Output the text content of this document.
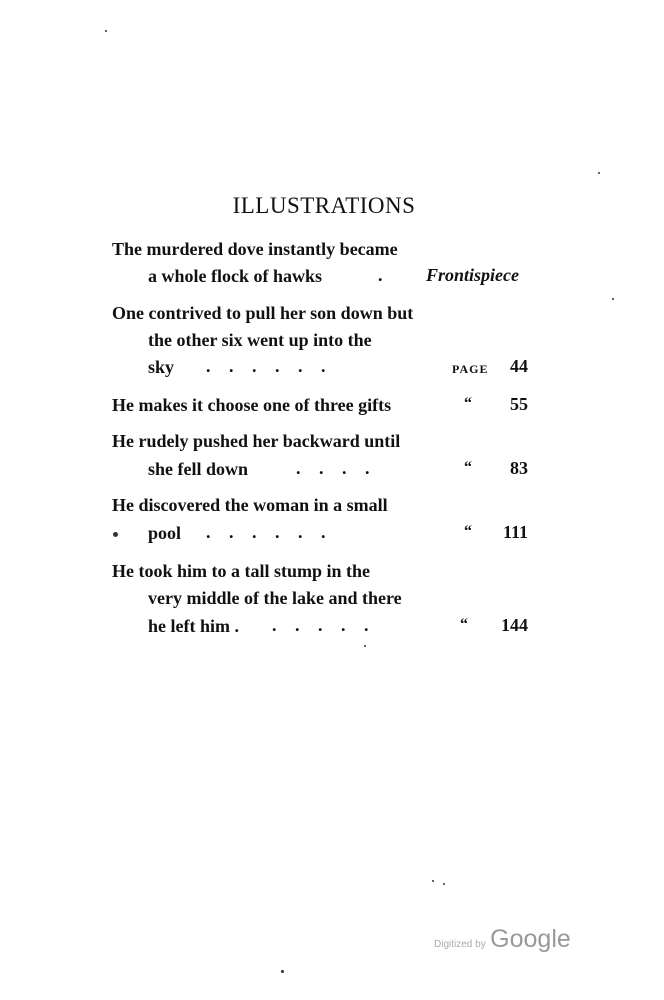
ILLUSTRATIONS
The murdered dove instantly became
a whole flock of hawks	. Frontispiece
One contrived to pull her son down but
the other six went up into the
sky . . . . . .	PAGE	44
He makes it choose one of three gifts	“	55
He rudely pushed her backward until
she fell down	. . . .	“	83
He discovered the woman in a small
pool . . . . . .	“	111
He took him to a tall stump in the
very middle of the lake and there
he left him . . . . . .	“	144
Digitized by Google
